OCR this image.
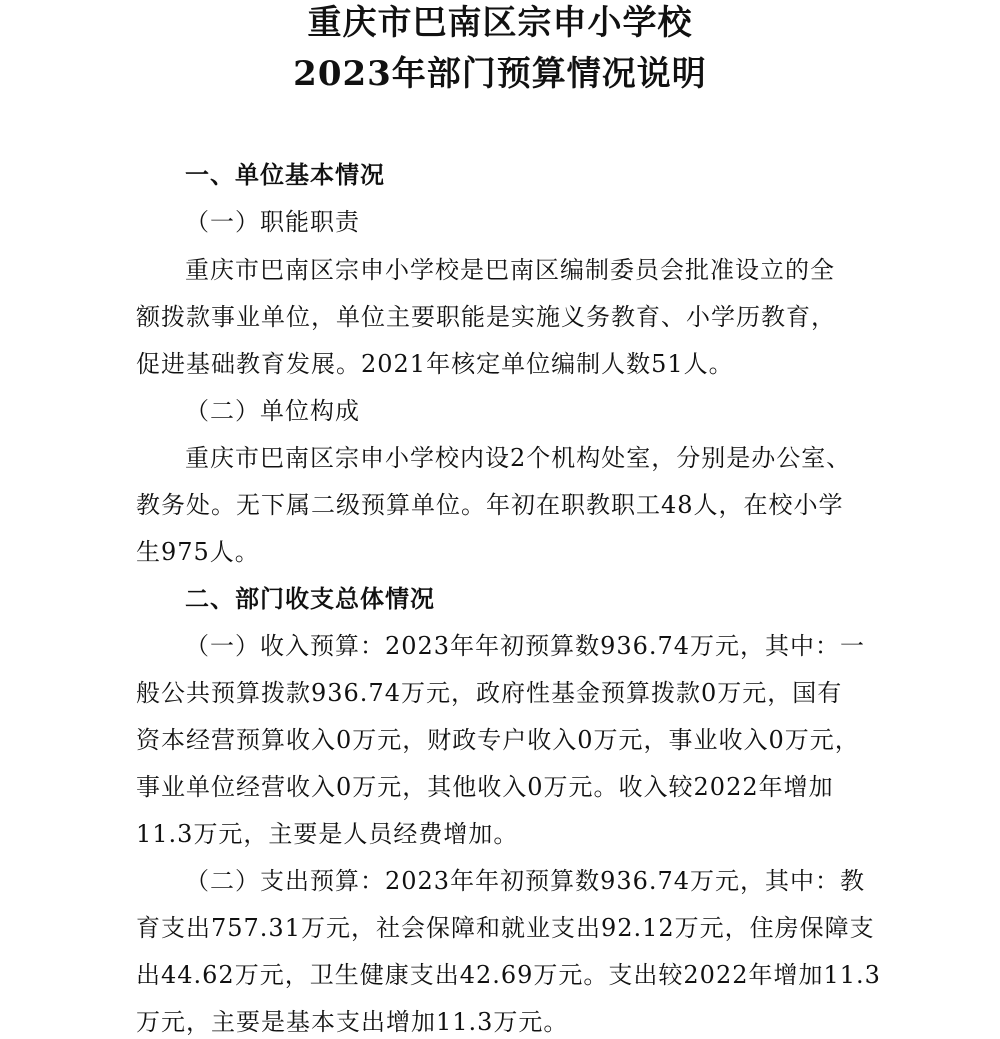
重庆市巴南区宗申小学校
2023年部门预算情况说明
一、单位基本情况
（一）职能职责
重庆市巴南区宗申小学校是巴南区编制委员会批准设立的全
额拨款事业单位，单位主要职能是实施义务教育、小学历教育，
促进基础教育发展。2021年核定单位编制人数51人。
（二）单位构成
重庆市巴南区宗申小学校内设2个机构处室，分别是办公室、
教务处。无下属二级预算单位。年初在职教职工48人，在校小学
生975人。
二、部门收支总体情况
（一）收入预算：2023年年初预算数936.74万元，其中：一
般公共预算拨款936.74万元，政府性基金预算拨款0万元，国有
资本经营预算收入0万元，财政专户收入0万元，事业收入0万元，
事业单位经营收入0万元，其他收入0万元。收入较2022年增加
11.3万元，主要是人员经费增加。
（二）支出预算：2023年年初预算数936.74万元，其中：教
育支出757.31万元，社会保障和就业支出92.12万元，住房保障支
出44.62万元，卫生健康支出42.69万元。支出较2022年增加11.3
万元，主要是基本支出增加11.3万元。
